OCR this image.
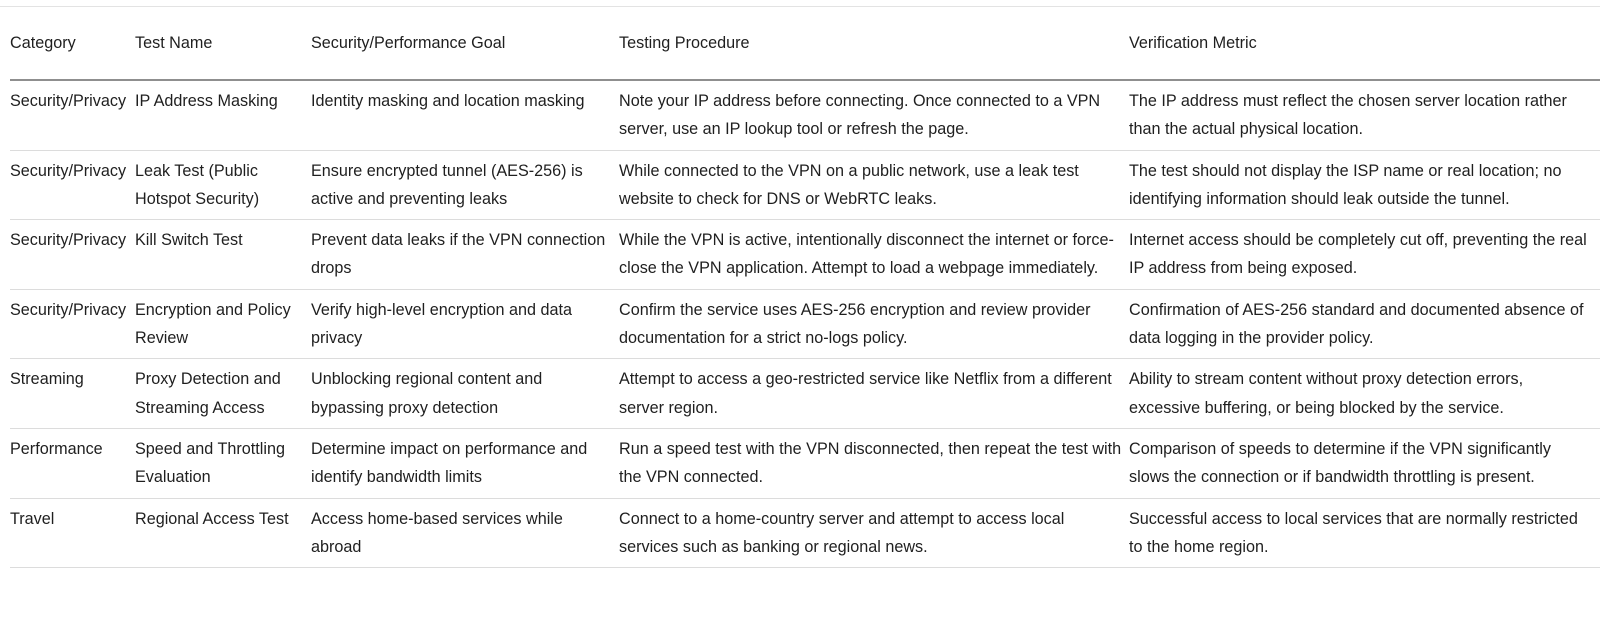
Category	Test Name	Security/Performance Goal	Testing Procedure	Verification Metric

Security/Privacy	IP Address Masking	Identity masking and location masking	Note your IP address before connecting. Once connected to a VPN server, use an IP lookup tool or refresh the page.	The IP address must reflect the chosen server location rather than the actual physical location.

Security/Privacy	Leak Test (Public Hotspot Security)	Ensure encrypted tunnel (AES-256) is active and preventing leaks	While connected to the VPN on a public network, use a leak test website to check for DNS or WebRTC leaks.	The test should not display the ISP name or real location; no identifying information should leak outside the tunnel.

Security/Privacy	Kill Switch Test	Prevent data leaks if the VPN connection drops	While the VPN is active, intentionally disconnect the internet or force-close the VPN application. Attempt to load a webpage immediately.	Internet access should be completely cut off, preventing the real IP address from being exposed.

Security/Privacy	Encryption and Policy Review	Verify high-level encryption and data privacy	Confirm the service uses AES-256 encryption and review provider documentation for a strict no-logs policy.	Confirmation of AES-256 standard and documented absence of data logging in the provider policy.

Streaming	Proxy Detection and Streaming Access	Unblocking regional content and bypassing proxy detection	Attempt to access a geo-restricted service like Netflix from a different server region.	Ability to stream content without proxy detection errors, excessive buffering, or being blocked by the service.

Performance	Speed and Throttling Evaluation	Determine impact on performance and identify bandwidth limits	Run a speed test with the VPN disconnected, then repeat the test with the VPN connected.	Comparison of speeds to determine if the VPN significantly slows the connection or if bandwidth throttling is present.

Travel	Regional Access Test	Access home-based services while abroad	Connect to a home-country server and attempt to access local services such as banking or regional news.	Successful access to local services that are normally restricted to the home region.
